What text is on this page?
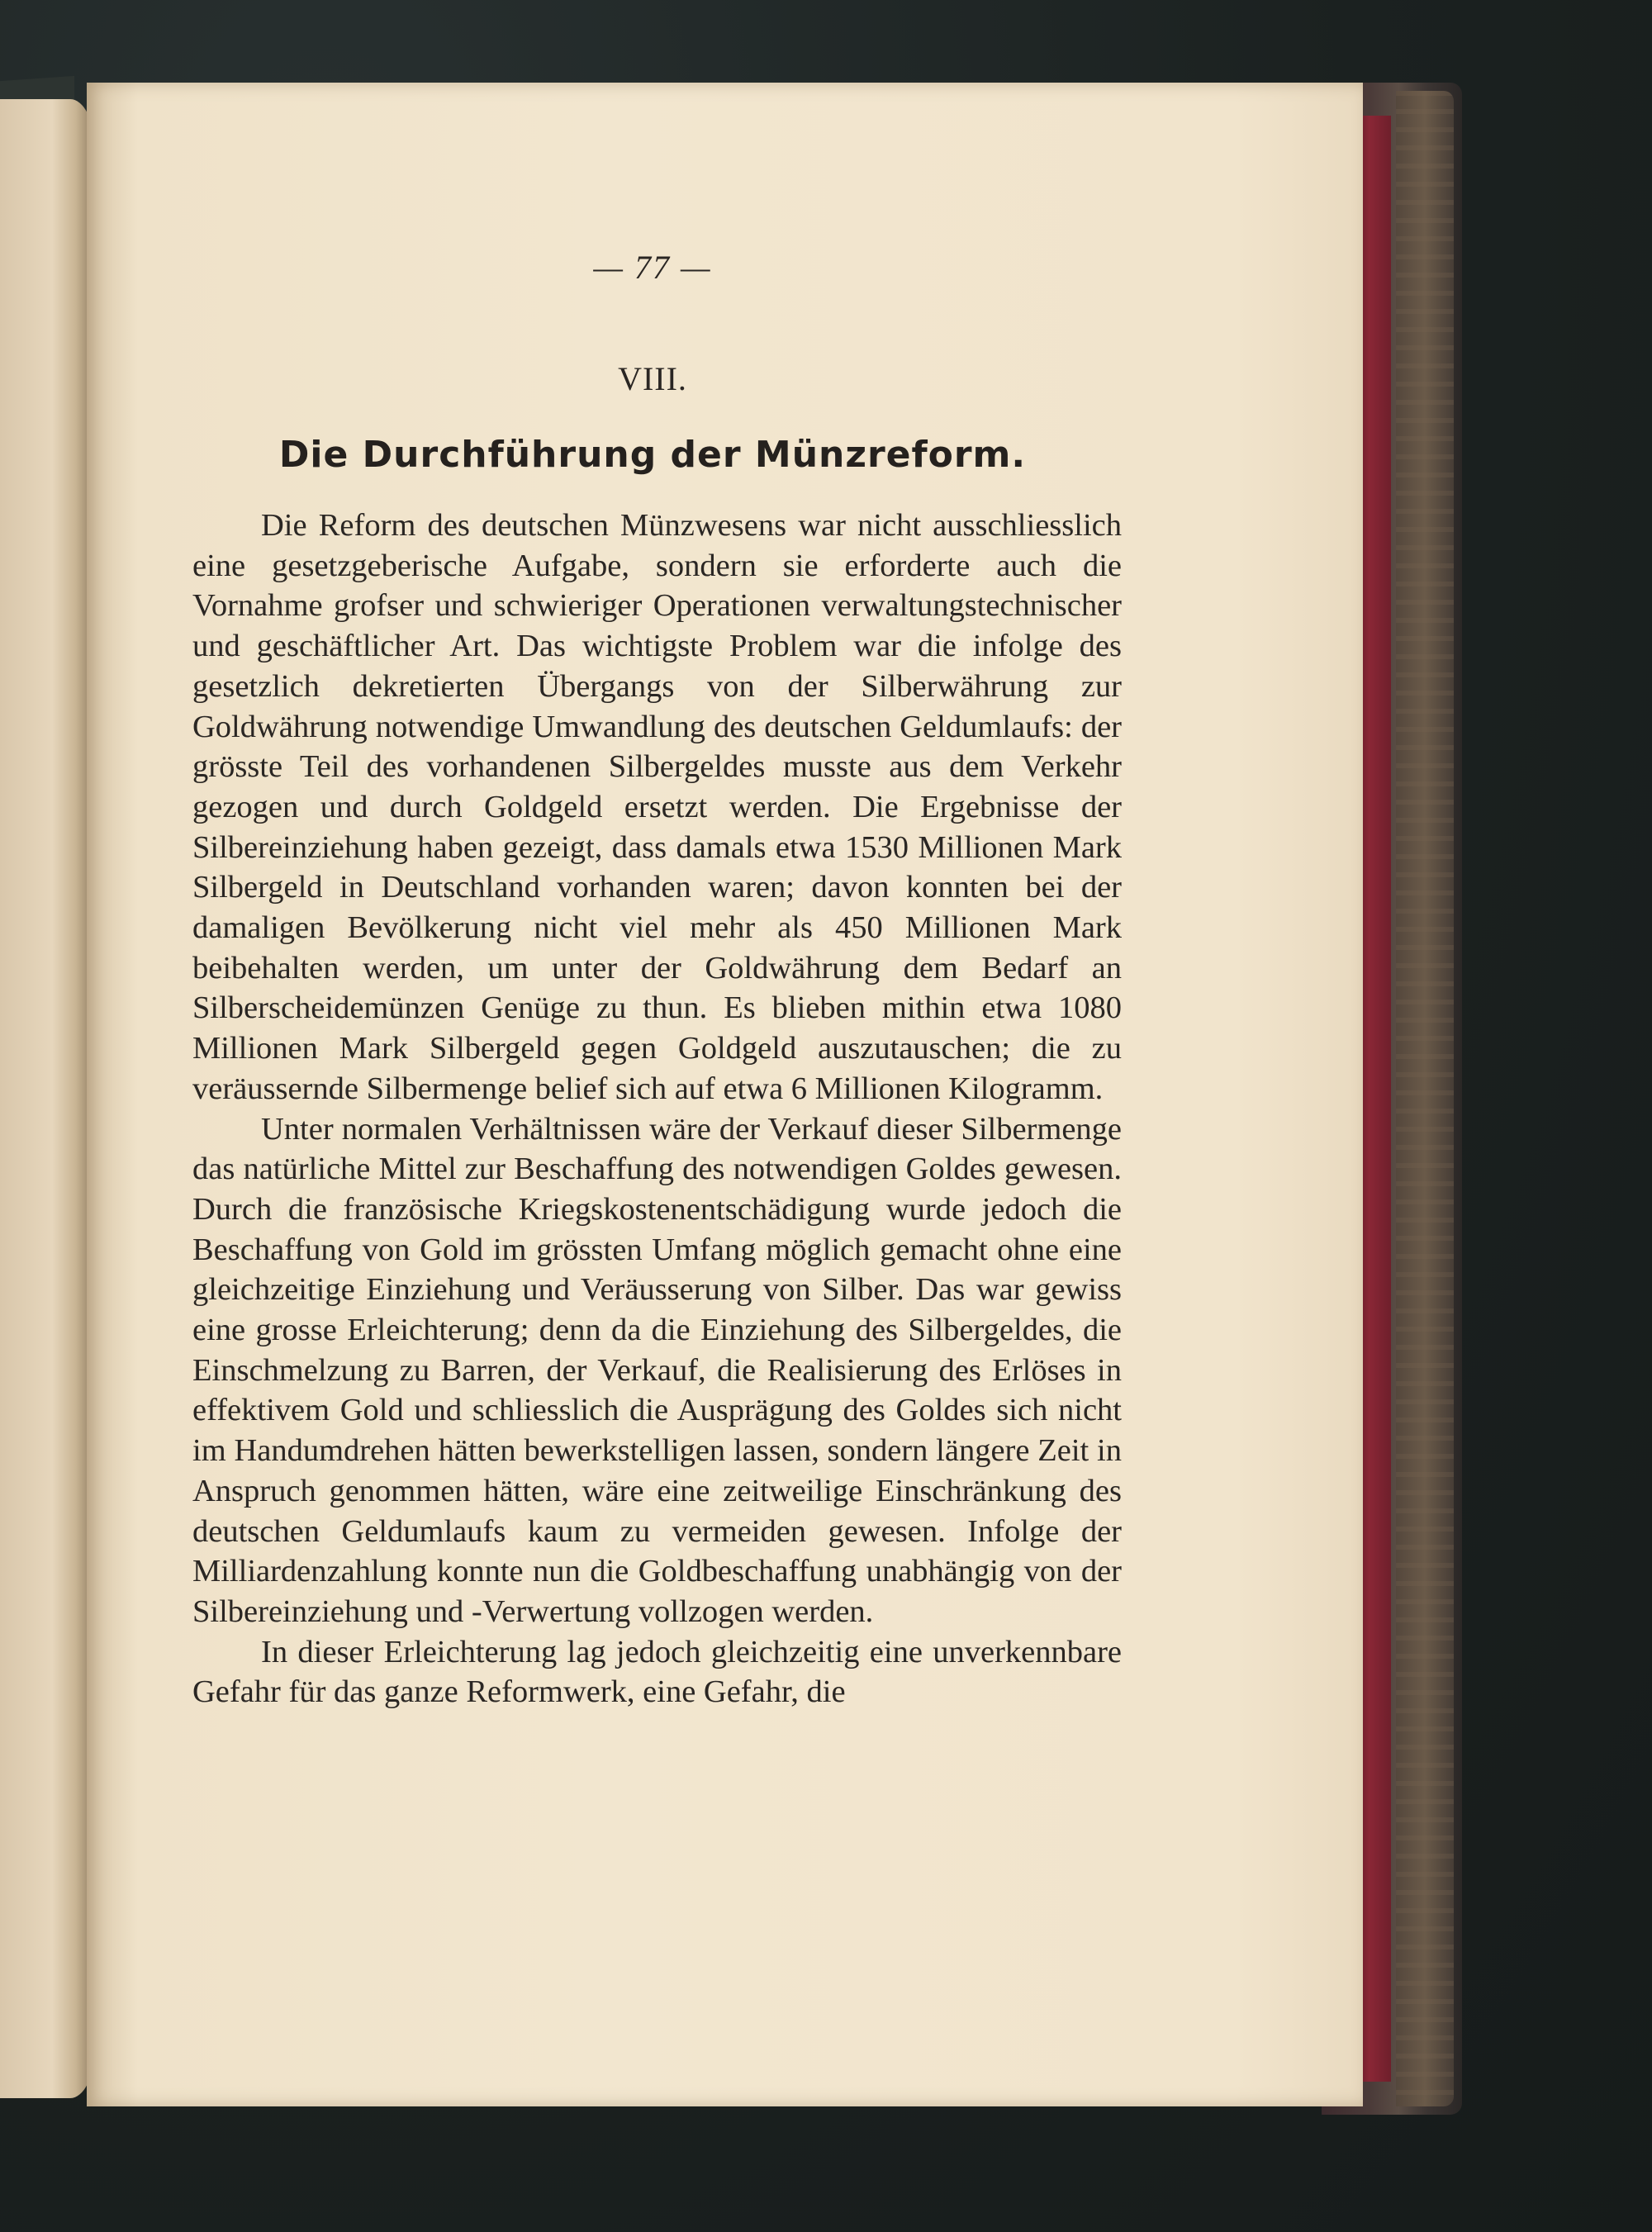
— 77 —
VIII.
Die Durchführung der Münzreform.

Die Reform des deutschen Münzwesens war nicht ausschliesslich eine gesetzgeberische Aufgabe, sondern sie erforderte auch die Vornahme grofser und schwieriger Operationen verwaltungstechnischer und geschäftlicher Art. Das wichtigste Problem war die infolge des gesetzlich dekretierten Übergangs von der Silberwährung zur Goldwährung notwendige Umwandlung des deutschen Geldumlaufs: der grösste Teil des vorhandenen Silbergeldes musste aus dem Verkehr gezogen und durch Goldgeld ersetzt werden. Die Ergebnisse der Silbereinziehung haben gezeigt, dass damals etwa 1530 Millionen Mark Silbergeld in Deutschland vorhanden waren; davon konnten bei der damaligen Bevölkerung nicht viel mehr als 450 Millionen Mark beibehalten werden, um unter der Goldwährung dem Bedarf an Silberscheidemünzen Genüge zu thun. Es blieben mithin etwa 1080 Millionen Mark Silbergeld gegen Goldgeld auszutauschen; die zu veräussernde Silbermenge belief sich auf etwa 6 Millionen Kilogramm.

Unter normalen Verhältnissen wäre der Verkauf dieser Silbermenge das natürliche Mittel zur Beschaffung des notwendigen Goldes gewesen. Durch die französische Kriegskostenentschädigung wurde jedoch die Beschaffung von Gold im grössten Umfang möglich gemacht ohne eine gleichzeitige Einziehung und Veräusserung von Silber. Das war gewiss eine grosse Erleichterung; denn da die Einziehung des Silbergeldes, die Einschmelzung zu Barren, der Verkauf, die Realisierung des Erlöses in effektivem Gold und schliesslich die Ausprägung des Goldes sich nicht im Handumdrehen hätten bewerkstelligen lassen, sondern längere Zeit in Anspruch genommen hätten, wäre eine zeitweilige Einschränkung des deutschen Geldumlaufs kaum zu vermeiden gewesen. Infolge der Milliardenzahlung konnte nun die Goldbeschaffung unabhängig von der Silbereinziehung und -Verwertung vollzogen werden.

In dieser Erleichterung lag jedoch gleichzeitig eine unverkennbare Gefahr für das ganze Reformwerk, eine Gefahr, die
